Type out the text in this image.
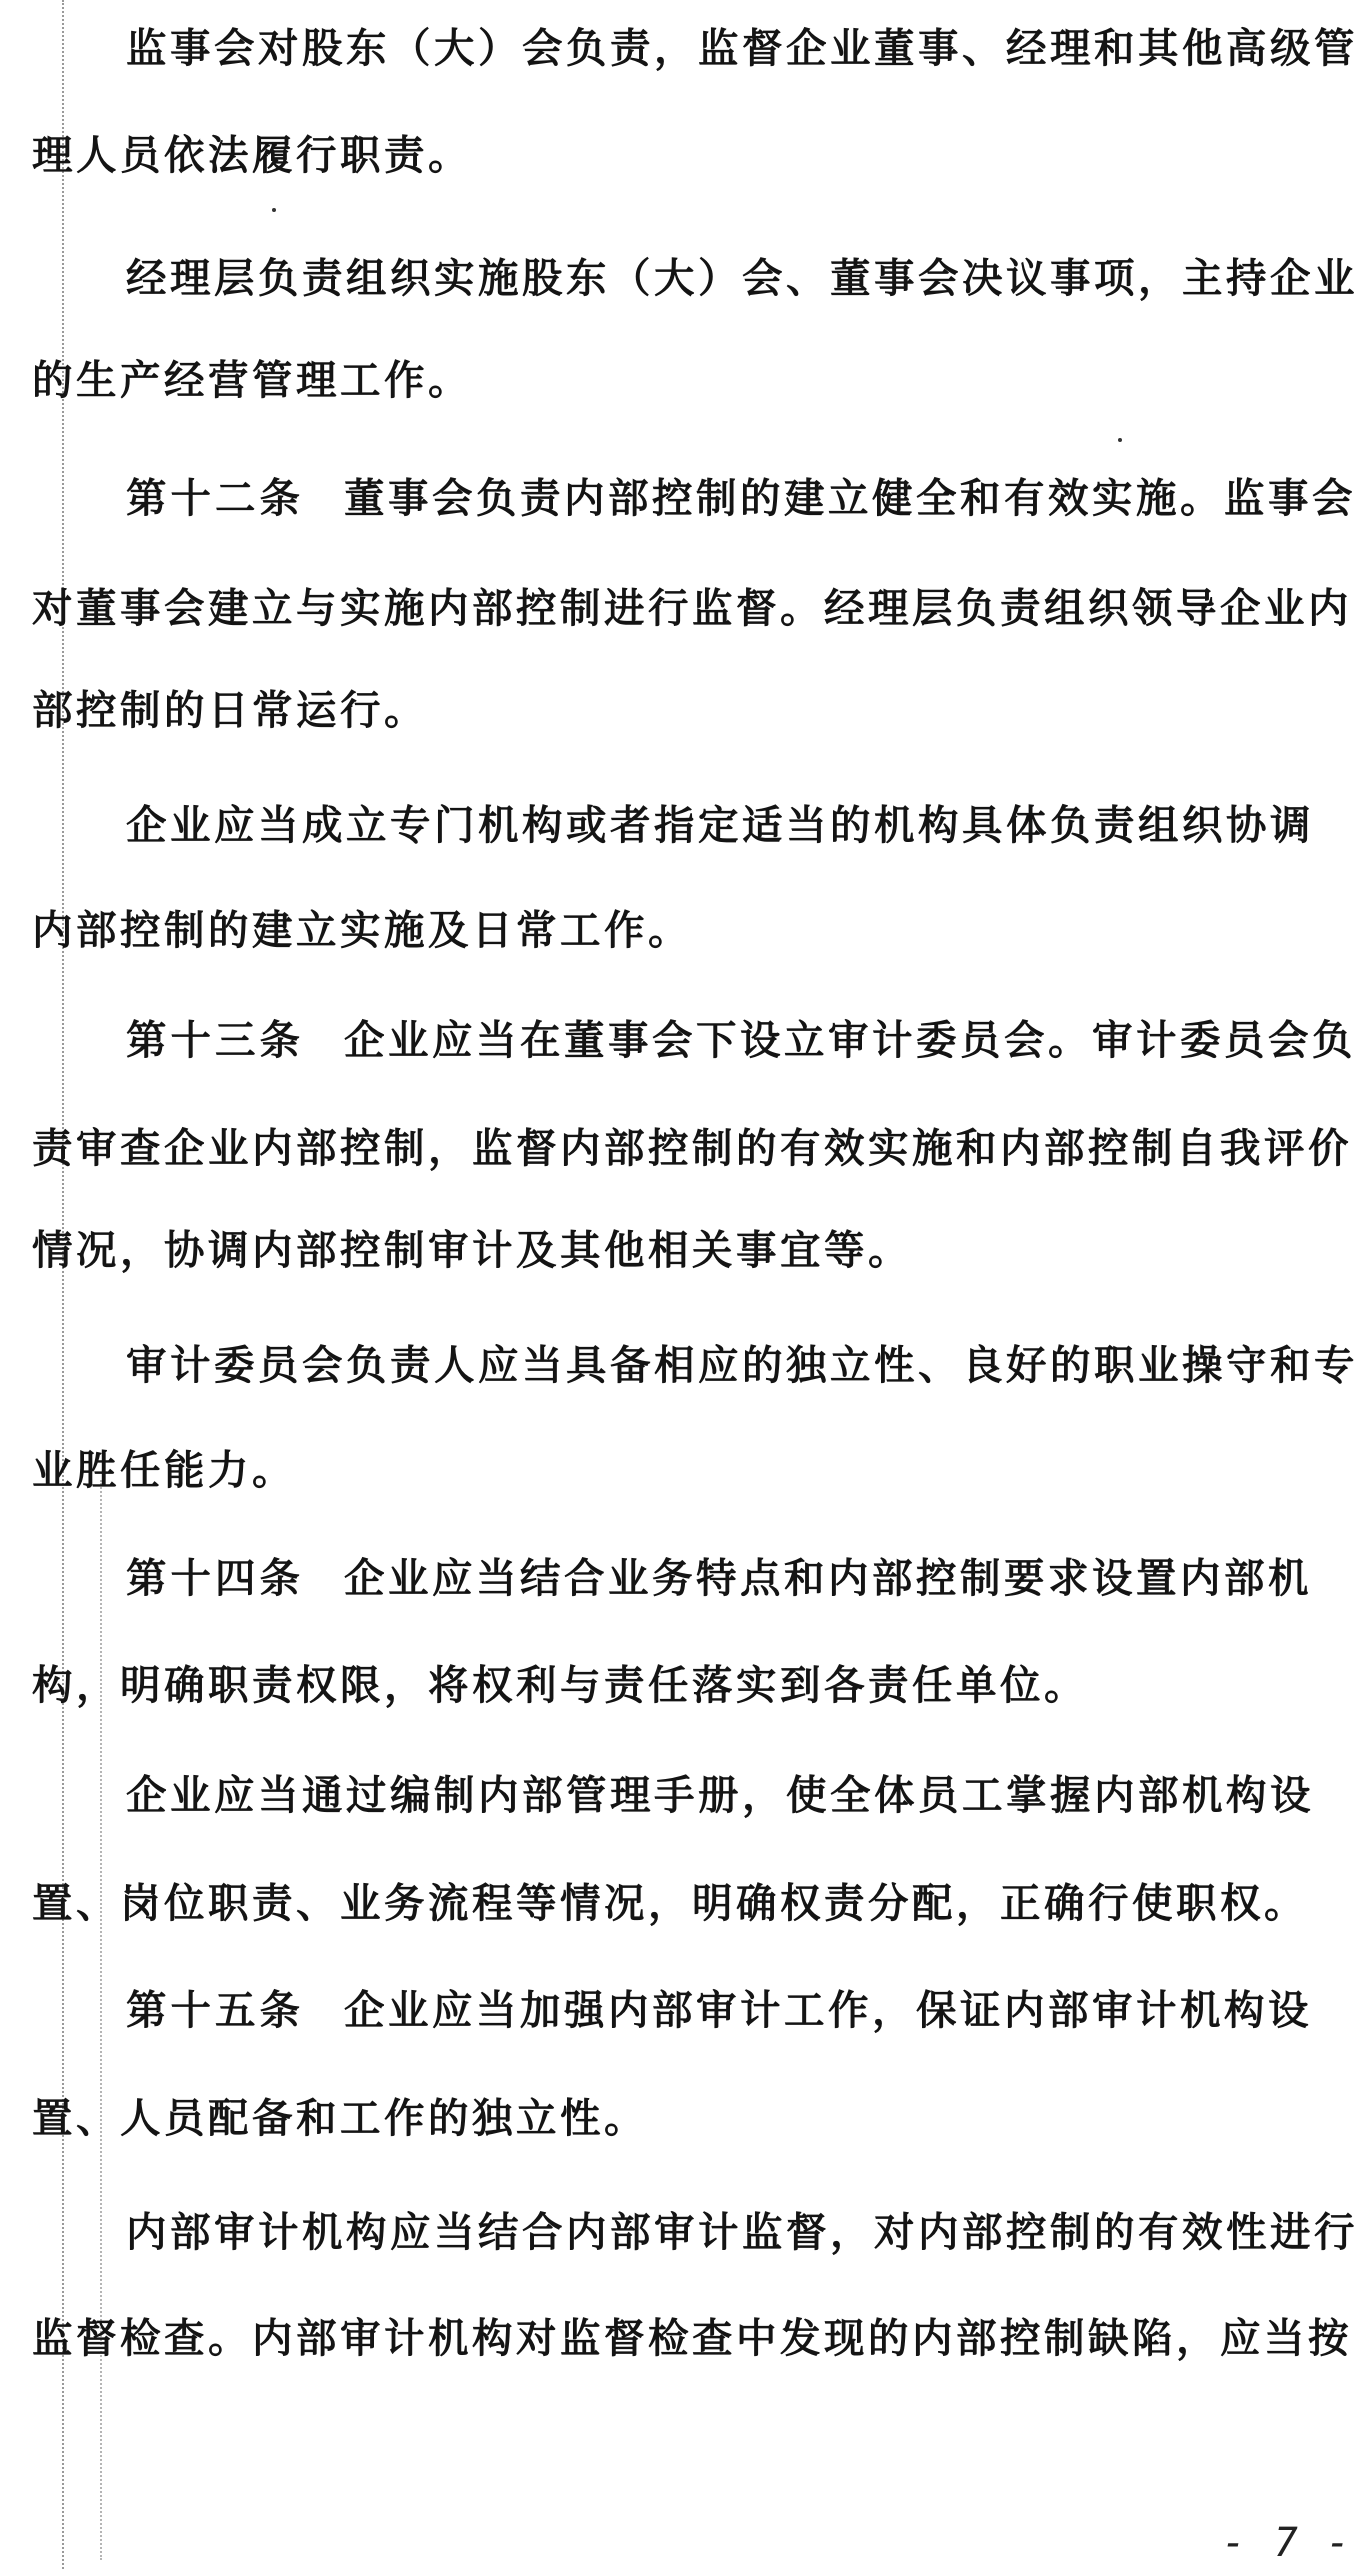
监事会对股东（大）会负责，监督企业董事、经理和其他高级管
理人员依法履行职责。
经理层负责组织实施股东（大）会、董事会决议事项，主持企业
的生产经营管理工作。
第十二条 董事会负责内部控制的建立健全和有效实施。监事会
对董事会建立与实施内部控制进行监督。经理层负责组织领导企业内
部控制的日常运行。
企业应当成立专门机构或者指定适当的机构具体负责组织协调
内部控制的建立实施及日常工作。
第十三条 企业应当在董事会下设立审计委员会。审计委员会负
责审查企业内部控制，监督内部控制的有效实施和内部控制自我评价
情况，协调内部控制审计及其他相关事宜等。
审计委员会负责人应当具备相应的独立性、良好的职业操守和专
业胜任能力。
第十四条 企业应当结合业务特点和内部控制要求设置内部机
构，明确职责权限，将权利与责任落实到各责任单位。
企业应当通过编制内部管理手册，使全体员工掌握内部机构设
置、岗位职责、业务流程等情况，明确权责分配，正确行使职权。
第十五条 企业应当加强内部审计工作，保证内部审计机构设
置、人员配备和工作的独立性。
内部审计机构应当结合内部审计监督，对内部控制的有效性进行
监督检查。内部审计机构对监督检查中发现的内部控制缺陷，应当按
- 7 -
